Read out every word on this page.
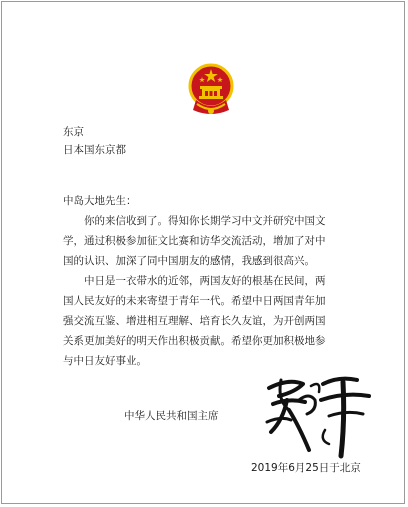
东京
日本国东京都
中岛大地先生：
你的来信收到了。得知你长期学习中文并研究中国文
学，通过积极参加征文比赛和访华交流活动，增加了对中
国的认识、加深了同中国朋友的感情，我感到很高兴。
中日是一衣带水的近邻，两国友好的根基在民间，两
国人民友好的未来寄望于青年一代。希望中日两国青年加
强交流互鉴、增进相互理解、培育长久友谊，为开创两国
关系更加美好的明天作出积极贡献。希望你更加积极地参
与中日友好事业。
中华人民共和国主席
2019年6月25日于北京
